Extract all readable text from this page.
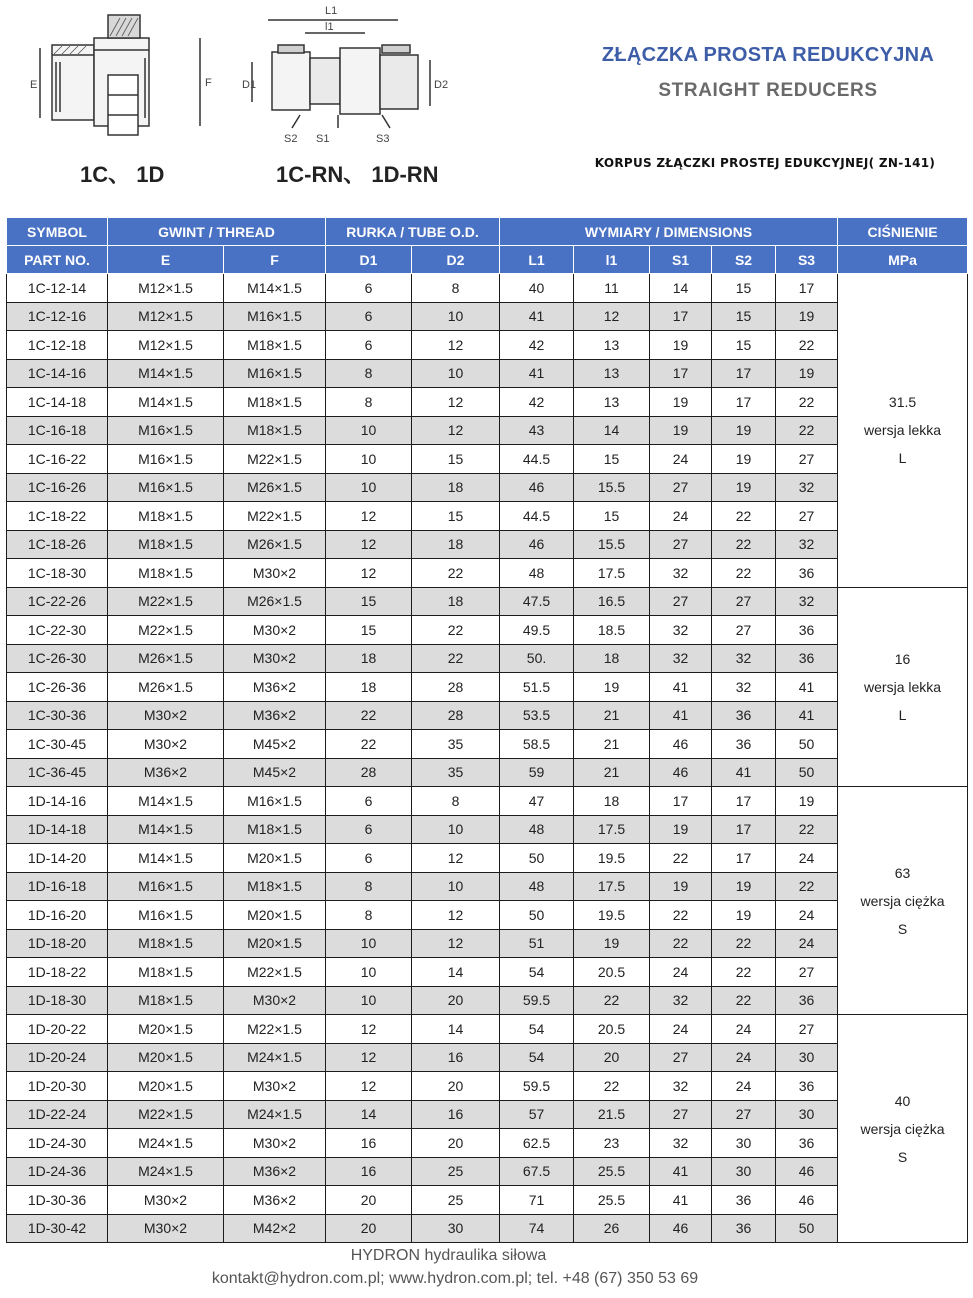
E	F
L1
l1
D1	D2
S2 S1	S3
1C、 1D	1C-RN、 1D-RN
ZŁĄCZKA PROSTA REDUKCYJNA
STRAIGHT REDUCERS
KORPUS ZŁĄCZKI PROSTEJ EDUKCYJNEJ( ZN-141)
SYMBOL	GWINT / THREAD		RURKA / TUBE O.D.		WYMIARY / DIMENSIONS					CIŚNIENIE
PART NO.	E	F	D1	D2	L1	l1	S1	S2	S3	MPa
1C-12-14	M12×1.5	M14×1.5	6	8	40	11	14	15	17	31.5
wersja lekka
L

1C-12-16	M12×1.5	M16×1.5	6	10	41	12	17	15	19	
1C-12-18	M12×1.5	M18×1.5	6	12	42	13	19	15	22	
1C-14-16	M14×1.5	M16×1.5	8	10	41	13	17	17	19	
1C-14-18	M14×1.5	M18×1.5	8	12	42	13	19	17	22	
1C-16-18	M16×1.5	M18×1.5	10	12	43	14	19	19	22	
1C-16-22	M16×1.5	M22×1.5	10	15	44.5	15	24	19	27	
1C-16-26	M16×1.5	M26×1.5	10	18	46	15.5	27	19	32	
1C-18-22	M18×1.5	M22×1.5	12	15	44.5	15	24	22	27	
1C-18-26	M18×1.5	M26×1.5	12	18	46	15.5	27	22	32	
1C-18-30	M18×1.5	M30×2	12	22	48	17.5	32	22	36	
1C-22-26	M22×1.5	M26×1.5	15	18	47.5	16.5	27	27	32	16
wersja lekka
L

1C-22-30	M22×1.5	M30×2	15	22	49.5	18.5	32	27	36	
1C-26-30	M26×1.5	M30×2	18	22	50.	18	32	32	36	
1C-26-36	M26×1.5	M36×2	18	28	51.5	19	41	32	41	
1C-30-36	M30×2	M36×2	22	28	53.5	21	41	36	41	
1C-30-45	M30×2	M45×2	22	35	58.5	21	46	36	50	
1C-36-45	M36×2	M45×2	28	35	59	21	46	41	50	
1D-14-16	M14×1.5	M16×1.5	6	8	47	18	17	17	19	63
wersja ciężka
S

1D-14-18	M14×1.5	M18×1.5	6	10	48	17.5	19	17	22	
1D-14-20	M14×1.5	M20×1.5	6	12	50	19.5	22	17	24	
1D-16-18	M16×1.5	M18×1.5	8	10	48	17.5	19	19	22	
1D-16-20	M16×1.5	M20×1.5	8	12	50	19.5	22	19	24	
1D-18-20	M18×1.5	M20×1.5	10	12	51	19	22	22	24	
1D-18-22	M18×1.5	M22×1.5	10	14	54	20.5	24	22	27	
1D-18-30	M18×1.5	M30×2	10	20	59.5	22	32	22	36	
1D-20-22	M20×1.5	M22×1.5	12	14	54	20.5	24	24	27	40
wersja ciężka
S

1D-20-24	M20×1.5	M24×1.5	12	16	54	20	27	24	30	
1D-20-30	M20×1.5	M30×2	12	20	59.5	22	32	24	36	
1D-22-24	M22×1.5	M24×1.5	14	16	57	21.5	27	27	30	
1D-24-30	M24×1.5	M30×2	16	20	62.5	23	32	30	36	
1D-24-36	M24×1.5	M36×2	16	25	67.5	25.5	41	30	46	
1D-30-36	M30×2	M36×2	20	25	71	25.5	41	36	46	
1D-30-42	M30×2	M42×2	20	30	74	26	46	36	50	
HYDRON hydraulika siłowa
kontakt@hydron.com.pl; www.hydron.com.pl; tel. +48 (67) 350 53 69
